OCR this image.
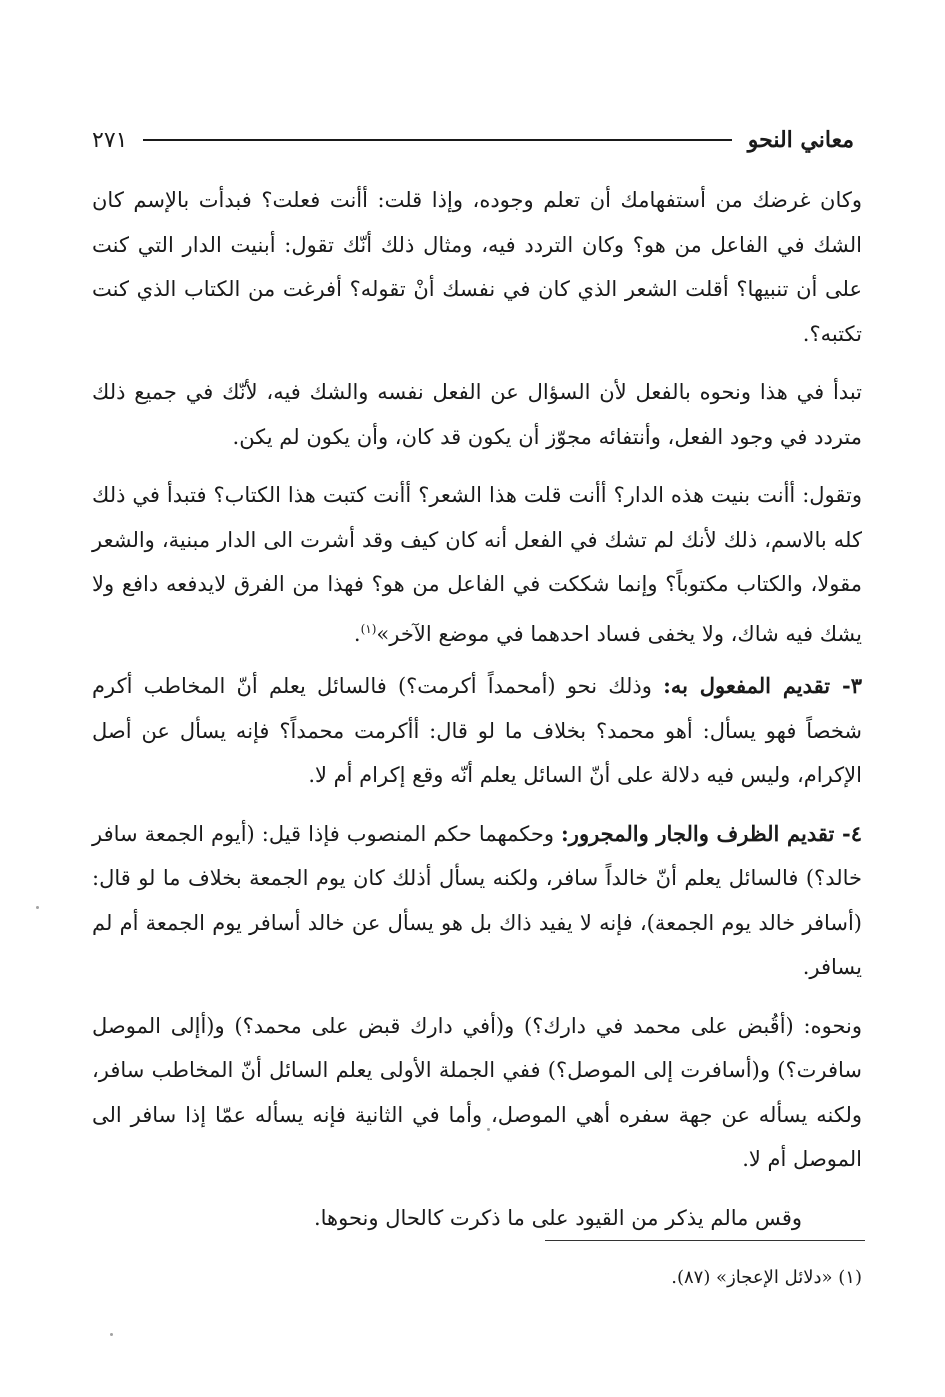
معاني النحو
٢٧١

وكان غرضك من أستفهامك أن تعلم وجوده، وإذا قلت: أأنت فعلت؟ فبدأت بالإسم كان الشك في الفاعل من هو؟ وكان التردد فيه، ومثال ذلك أنّك تقول: أبنيت الدار التي كنت على أن تنبيها؟ أقلت الشعر الذي كان في نفسك أنْ تقوله؟ أفرغت من الكتاب الذي كنت تكتبه؟.

تبدأ في هذا ونحوه بالفعل لأن السؤال عن الفعل نفسه والشك فيه، لأنّك في جميع ذلك متردد في وجود الفعل، وأنتفائه مجوّز أن يكون قد كان، وأن يكون لم يكن.

وتقول: أأنت بنيت هذه الدار؟ أأنت قلت هذا الشعر؟ أأنت كتبت هذا الكتاب؟ فتبدأ في ذلك كله بالاسم، ذلك لأنك لم تشك في الفعل أنه كان كيف وقد أشرت الى الدار مبنية، والشعر مقولا، والكتاب مكتوباً؟ وإنما شككت في الفاعل من هو؟ فهذا من الفرق لايدفعه دافع ولا يشك فيه شاك، ولا يخفى فساد احدهما في موضع الآخر»$^{(١)}$.

٣- تقديم المفعول به: وذلك نحو (أمحمداً أكرمت؟) فالسائل يعلم أنّ المخاطب أكرم شخصاً فهو يسأل: أهو محمد؟ بخلاف ما لو قال: أأكرمت محمداً؟ فإنه يسأل عن أصل الإكرام، وليس فيه دلالة على أنّ السائل يعلم أنّه وقع إكرام أم لا.

٤- تقديم الظرف والجار والمجرور: وحكمهما حكم المنصوب فإذا قيل: (أيوم الجمعة سافر خالد؟) فالسائل يعلم أنّ خالداً سافر، ولكنه يسأل أذلك كان يوم الجمعة بخلاف ما لو قال: (أسافر خالد يوم الجمعة)، فإنه لا يفيد ذاك بل هو يسأل عن خالد أسافر يوم الجمعة أم لم يسافر.

ونحوه: (أقُبض على محمد في دارك؟) و(أفي دارك قبض على محمد؟) و(أإلى الموصل سافرت؟) و(أسافرت إلى الموصل؟) ففي الجملة الأولى يعلم السائل أنّ المخاطب سافر، ولكنه يسأله عن جهة سفره أهي الموصل، وأما في الثانية فإنه يسأله عمّا إذا سافر الى الموصل أم لا.

وقس مالم يذكر من القيود على ما ذكرت كالحال ونحوها.

(١) «دلائل الإعجاز» (٨٧).
